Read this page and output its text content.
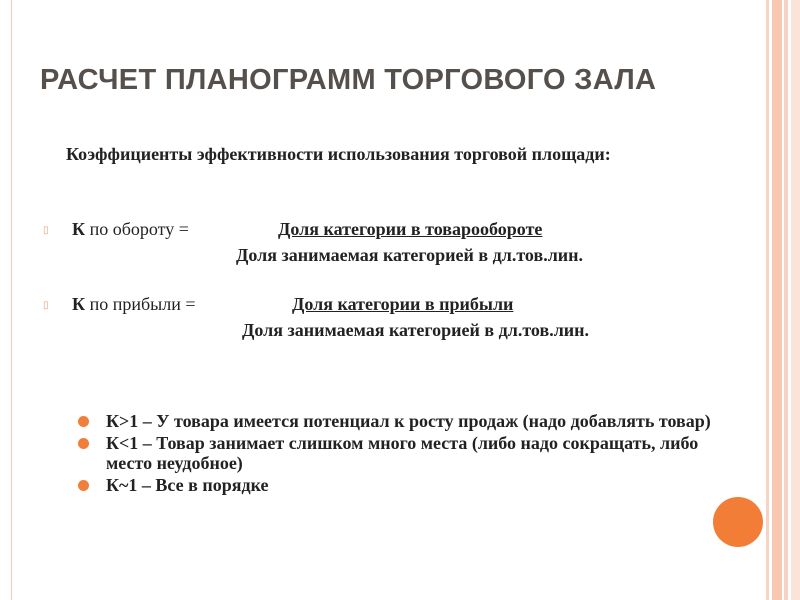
РАСЧЕТ ПЛАНОГРАММ ТОРГОВОГО ЗАЛА
Коэффициенты эффективности использования торговой площади:
▯ К по обороту =	Доля категории в товарообороте
Доля занимаемая категорией в дл.тов.лин.
▯ К по прибыли =	Доля категории в прибыли
Доля занимаемая категорией в дл.тов.лин.
К>1 – У товара имеется потенциал к росту продаж (надо добавлять товар)
К<1 – Товар занимает слишком много места (либо надо сокращать, либо место неудобное)
К~1 – Все в порядке
